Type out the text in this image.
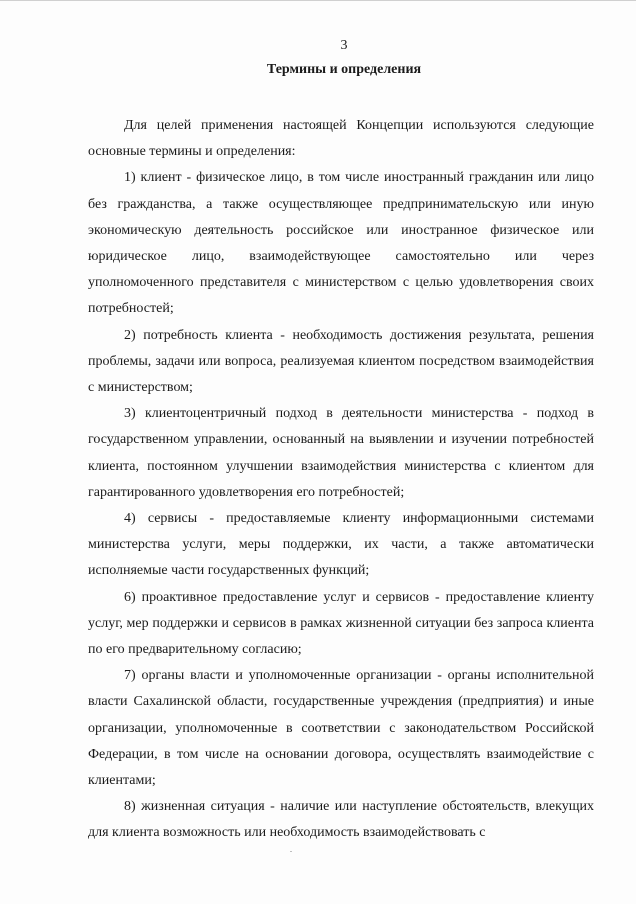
3
Термины и определения

Для целей применения настоящей Концепции используются следующие основные термины и определения:

1) клиент - физическое лицо, в том числе иностранный гражданин или лицо без гражданства, а также осуществляющее предпринимательскую или иную экономическую деятельность российское или иностранное физическое или юридическое лицо, взаимодействующее самостоятельно или через уполномоченного представителя с министерством с целью удовлетворения своих потребностей;

2) потребность клиента - необходимость достижения результата, решения проблемы, задачи или вопроса, реализуемая клиентом посредством взаимодействия с министерством;

3) клиентоцентричный подход в деятельности министерства - подход в государственном управлении, основанный на выявлении и изучении потребностей клиента, постоянном улучшении взаимодействия министерства с клиентом для гарантированного удовлетворения его потребностей;

4) сервисы - предоставляемые клиенту информационными системами министерства услуги, меры поддержки, их части, а также автоматически исполняемые части государственных функций;

6) проактивное предоставление услуг и сервисов - предоставление клиенту услуг, мер поддержки и сервисов в рамках жизненной ситуации без запроса клиента по его предварительному согласию;

7) органы власти и уполномоченные организации - органы исполнительной власти Сахалинской области, государственные учреждения (предприятия) и иные организации, уполномоченные в соответствии с законодательством Российской Федерации, в том числе на основании договора, осуществлять взаимодействие с клиентами;

8) жизненная ситуация - наличие или наступление обстоятельств, влекущих для клиента возможность или необходимость взаимодействовать с
